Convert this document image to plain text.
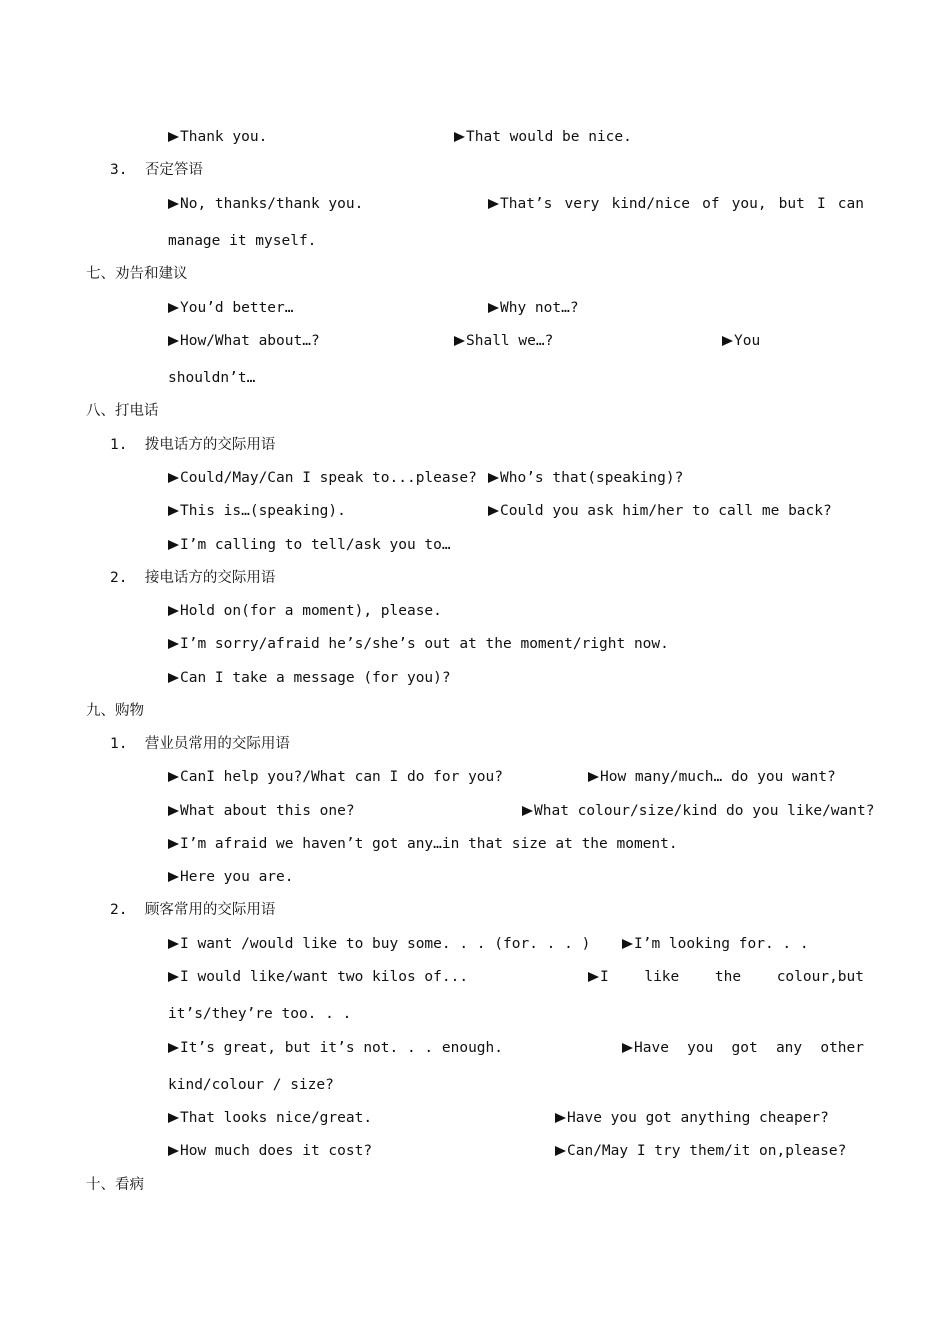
Thank you.	That would be nice.
3.  否定答语
No, thanks/thank you.	That’s very kind/nice of you, but I can
manage it myself.
七、劝告和建议
You’d better…	Why not…?
How/What about…?	Shall we…?	You
shouldn’t…
八、打电话
1.  拨电话方的交际用语
Could/May/Can I speak to...please?	Who’s that(speaking)?
This is…(speaking).	Could you ask him/her to call me back?
I’m calling to tell/ask you to…
2.  接电话方的交际用语
Hold on(for a moment), please.
I’m sorry/afraid he’s/she’s out at the moment/right now.
Can I take a message (for you)?
九、购物
1.  营业员常用的交际用语
CanI help you?/What can I do for you?	How many/much… do you want?
What about this one?	What colour/size/kind do you like/want?
I’m afraid we haven’t got any…in that size at the moment.
Here you are.
2.  顾客常用的交际用语
I want /would like to buy some. . . (for. . . )	I’m looking for. . .
I would like/want two kilos of...	I like the colour,but
it’s/they’re too. . .
It’s great, but it’s not. . . enough.	Have you got any other
kind/colour / size?
That looks nice/great.	Have you got anything cheaper?
How much does it cost?	Can/May I try them/it on,please?
十、看病
